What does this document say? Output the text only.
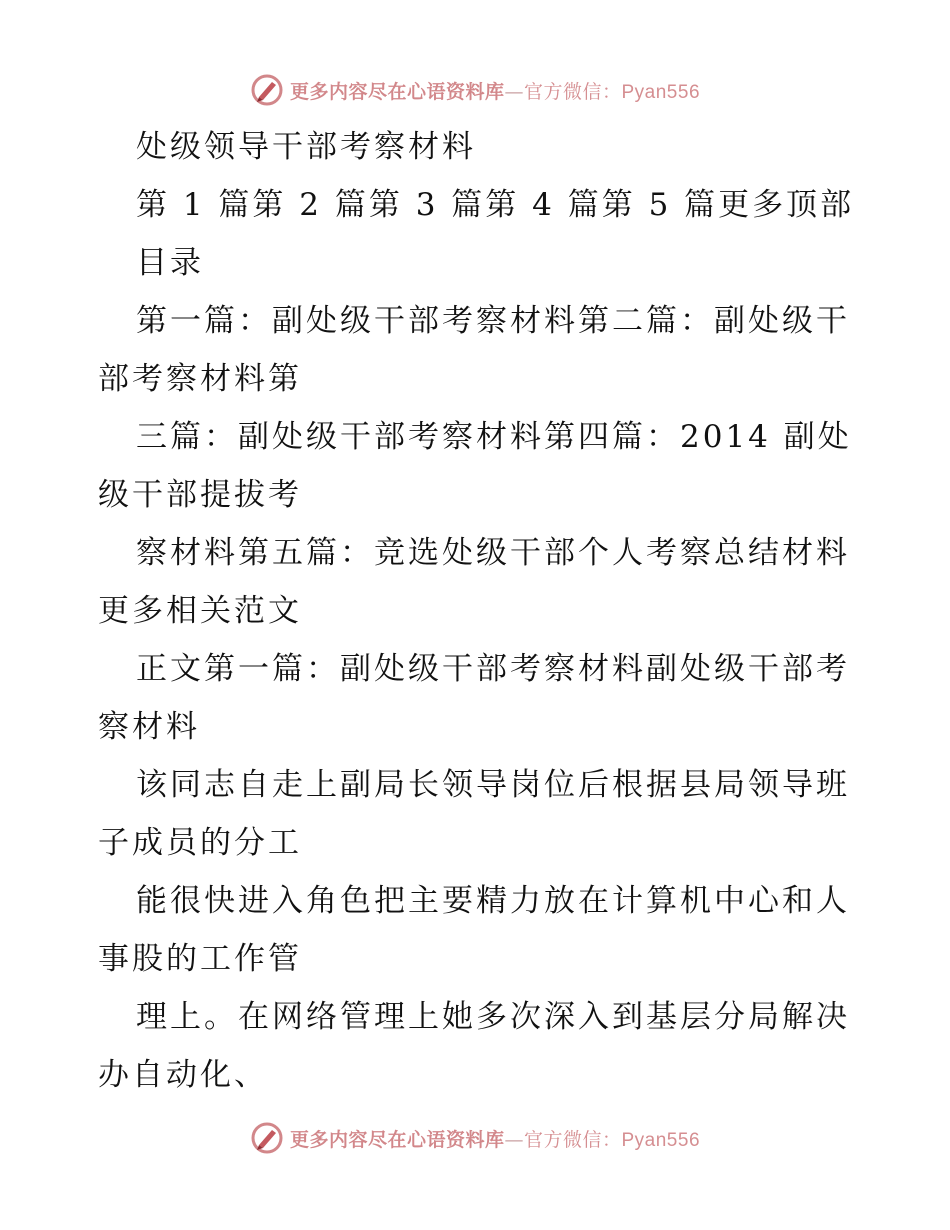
更多内容尽在心语资料库—官方微信：Pyan556
处级领导干部考察材料
第 1 篇第 2 篇第 3 篇第 4 篇第 5 篇更多顶部
目录
第一篇：副处级干部考察材料第二篇：副处级干
部考察材料第
三篇：副处级干部考察材料第四篇：2014 副处
级干部提拔考
察材料第五篇：竞选处级干部个人考察总结材料
更多相关范文
正文第一篇：副处级干部考察材料副处级干部考
察材料
该同志自走上副局长领导岗位后根据县局领导班
子成员的分工
能很快进入角色把主要精力放在计算机中心和人
事股的工作管
理上。在网络管理上她多次深入到基层分局解决
办自动化、
更多内容尽在心语资料库—官方微信：Pyan556
